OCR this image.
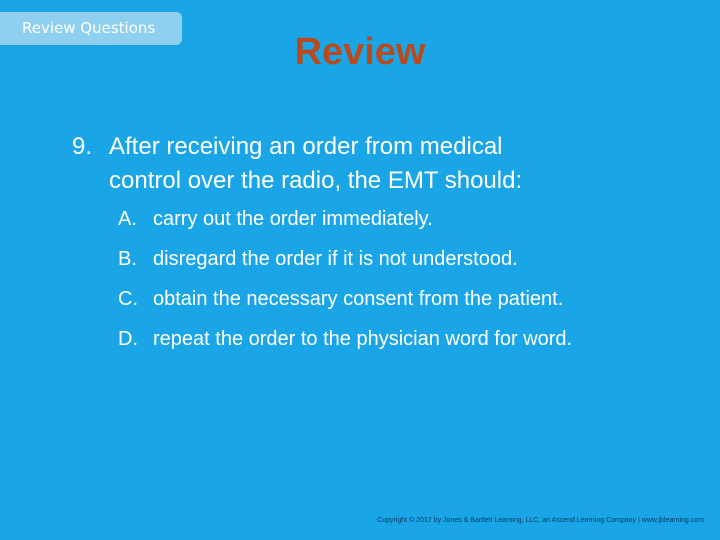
Review Questions
Review
9. After receiving an order from medical
control over the radio, the EMT should:
A. carry out the order immediately.
B. disregard the order if it is not understood.
C. obtain the necessary consent from the patient.
D. repeat the order to the physician word for word.
Copyright © 2017 by Jones & Bartlett Learning, LLC, an Ascend Learning Company | www.jblearning.com
